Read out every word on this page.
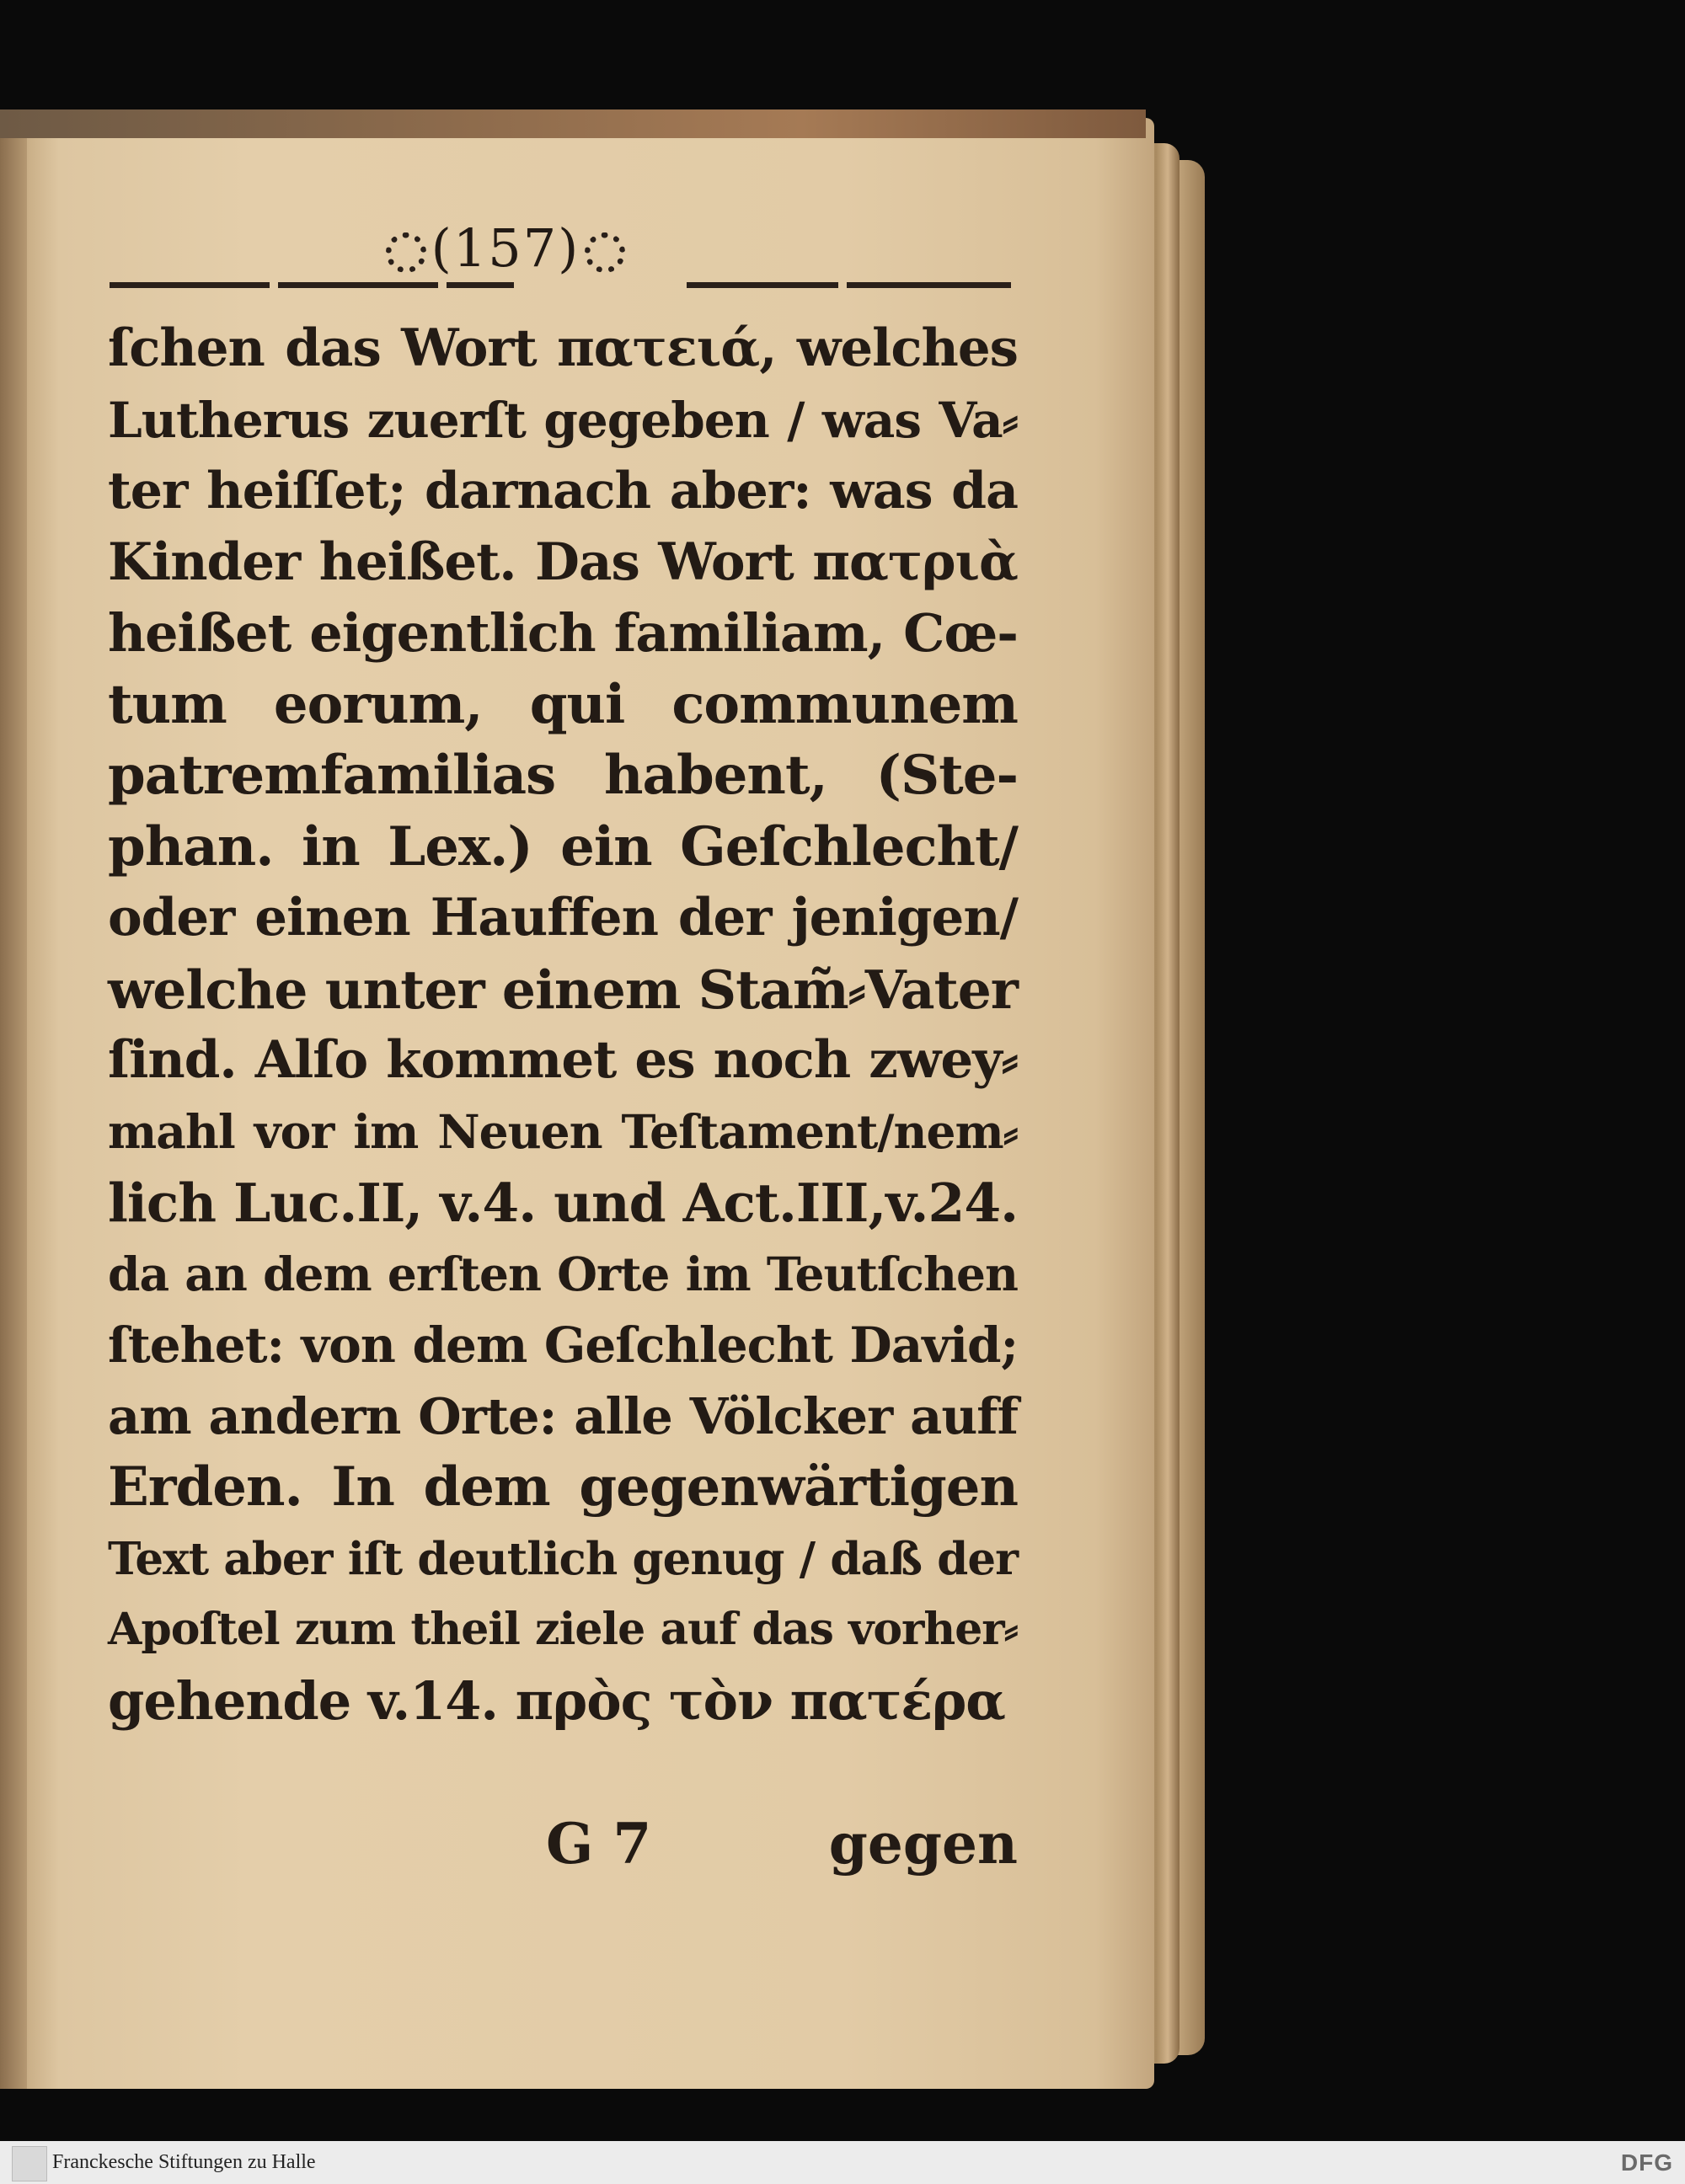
(157)
ſchen das Wort πατειά, welches
Lutherus zuerſt gegeben / was Va⸗
ter heiſſet; darnach aber: was da
Kinder heißet. Das Wort πατριὰ
heißet eigentlich familiam, Cœ-
tum eorum, qui communem
patremfamilias habent, (Ste-
phan. in Lex.) ein Geſchlecht/
oder einen Hauffen der jenigen/
welche unter einem Stam̃⸗Vater
ſind. Alſo kommet es noch zwey⸗
mahl vor im Neuen Teſtament/nem⸗
lich Luc.II, v.4. und Act.III,v.24.
da an dem erſten Orte im Teutſchen
ſtehet: von dem Geſchlecht David;
am andern Orte: alle Völcker auff
Erden. In dem gegenwärtigen
Text aber iſt deutlich genug / daß der
Apoſtel zum theil ziele auf das vorher⸗
gehende v.14. πρὸς τὸν πατέρα
G 7	gegen
Franckesche Stiftungen zu Halle	DFG
